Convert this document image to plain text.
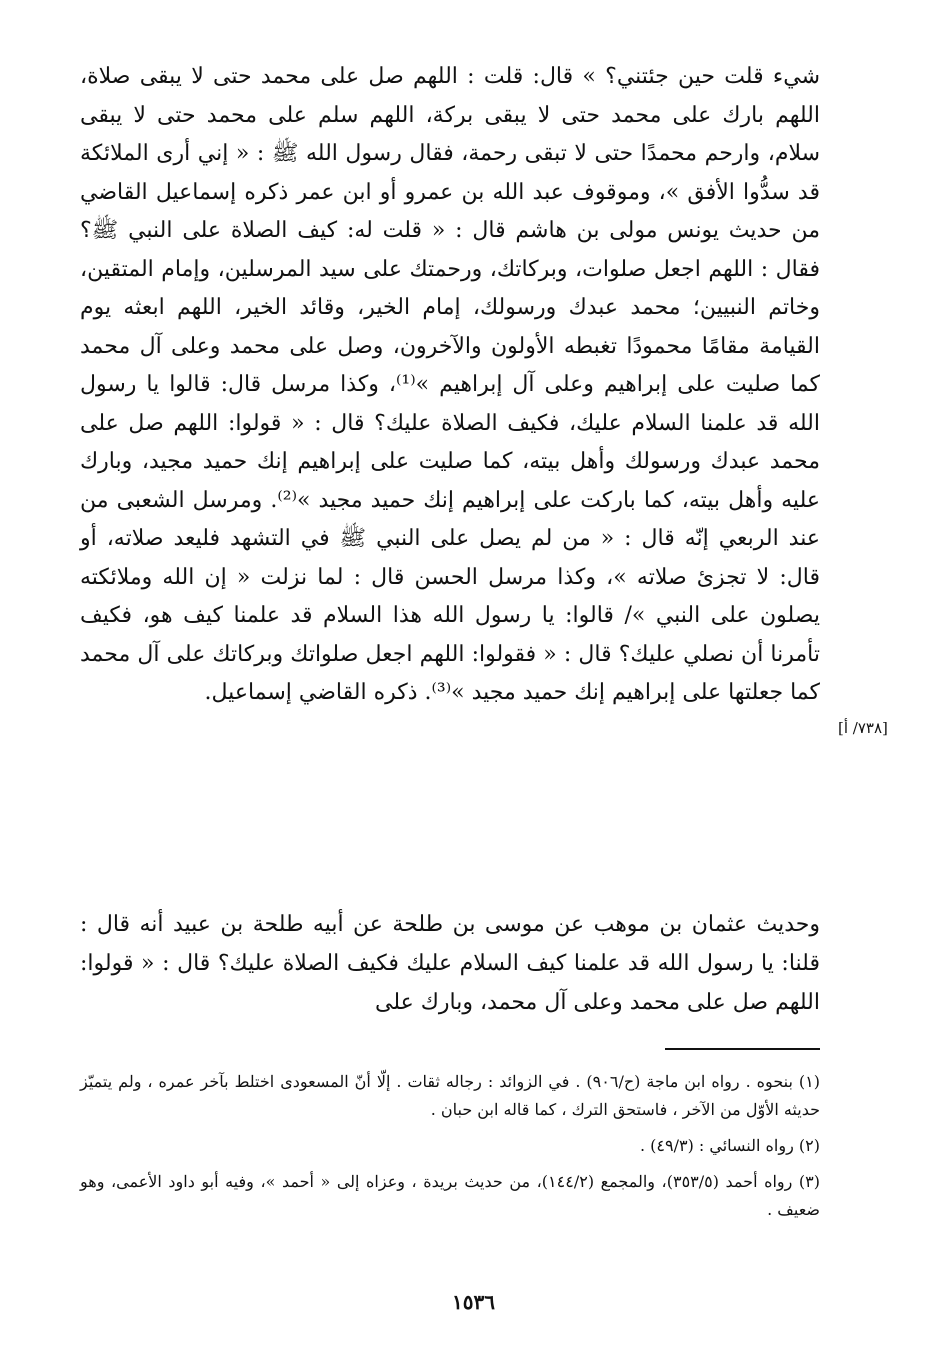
شيء قلت حين جئتني؟ » قال: قلت : اللهم صل على محمد حتى لا يبقى صلاة، اللهم بارك على محمد حتى لا يبقى بركة، اللهم سلم على محمد حتى لا يبقى سلام، وارحم محمدًا حتى لا تبقى رحمة، فقال رسول الله ﷺ : « إني أرى الملائكة قد سدُّوا الأفق »، وموقوف عبد الله بن عمرو أو ابن عمر ذكره إسماعيل القاضي من حديث يونس مولى بن هاشم قال : « قلت له: كيف الصلاة على النبي ﷺ؟ فقال : اللهم اجعل صلوات، وبركاتك، ورحمتك على سيد المرسلين، وإمام المتقين، وخاتم النبيين؛ محمد عبدك ورسولك، إمام الخير، وقائد الخير، اللهم ابعثه يوم القيامة مقامًا محمودًا تغبطه الأولون والآخرون، وصل على محمد وعلى آل محمد كما صليت على إبراهيم وعلى آل إبراهيم »⁽¹⁾، وكذا مرسل قال: قالوا يا رسول الله قد علمنا السلام عليك، فكيف الصلاة عليك؟ قال : « قولوا: اللهم صل على محمد عبدك ورسولك وأهل بيته، كما صليت على إبراهيم إنك حميد مجيد، وبارك عليه وأهل بيته، كما باركت على إبراهيم إنك حميد مجيد »⁽²⁾. ومرسل الشعبى من عند الربعي إنّه قال : « من لم يصل على النبي ﷺ في التشهد فليعد صلاته، أو قال: لا تجزئ صلاته »، وكذا مرسل الحسن قال : لما نزلت « إن الله وملائكته يصلون على النبي »/ قالوا: يا رسول الله هذا السلام قد علمنا كيف هو، فكيف تأمرنا أن نصلي عليك؟ قال : « فقولوا: اللهم اجعل صلواتك وبركاتك على آل محمد كما جعلتها على إبراهيم إنك حميد مجيد »⁽³⁾. ذكره القاضي إسماعيل.

[٧٣٨/ أ]

وحديث عثمان بن موهب عن موسى بن طلحة عن أبيه طلحة بن عبيد أنه قال : قلنا: يا رسول الله قد علمنا كيف السلام عليك فكيف الصلاة عليك؟ قال : « قولوا: اللهم صل على محمد وعلى آل محمد، وبارك على

(١) بنحوه . رواه ابن ماجة (ح/٩٠٦) . في الزوائد : رجاله ثقات . إلّا أنّ المسعودى اختلط بآخر عمره ، ولم يتميّز حديثه الأوّل من الآخر ، فاستحق الترك ، كما قاله ابن حبان .

(٢) رواه النسائي : (٤٩/٣) .

(٣) رواه أحمد (٣٥٣/٥)، والمجمع (١٤٤/٢)، من حديث بريدة ، وعزاه إلى « أحمد »، وفيه أبو داود الأعمى، وهو ضعيف .

١٥٣٦
